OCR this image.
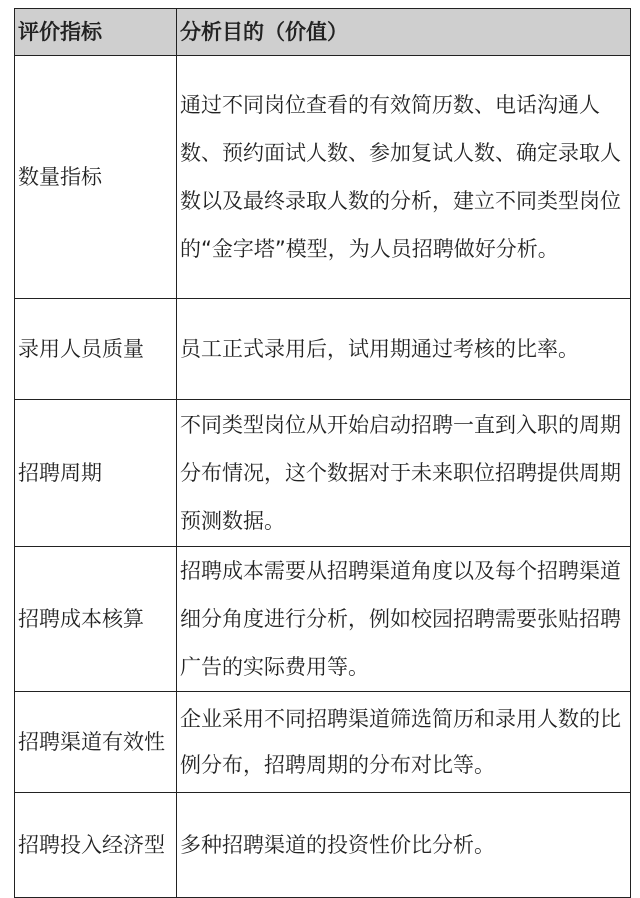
评价指标	分析目的（价值）

数量指标	通过不同岗位查看的有效简历数、电话沟通人数、预约面试人数、参加复试人数、确定录取人数以及最终录取人数的分析，建立不同类型岗位的“金字塔”模型，为人员招聘做好分析。

录用人员质量	员工正式录用后，试用期通过考核的比率。

招聘周期	不同类型岗位从开始启动招聘一直到入职的周期分布情况，这个数据对于未来职位招聘提供周期预测数据。

招聘成本核算	招聘成本需要从招聘渠道角度以及每个招聘渠道细分角度进行分析，例如校园招聘需要张贴招聘广告的实际费用等。

招聘渠道有效性	企业采用不同招聘渠道筛选简历和录用人数的比例分布，招聘周期的分布对比等。

招聘投入经济型	多种招聘渠道的投资性价比分析。
